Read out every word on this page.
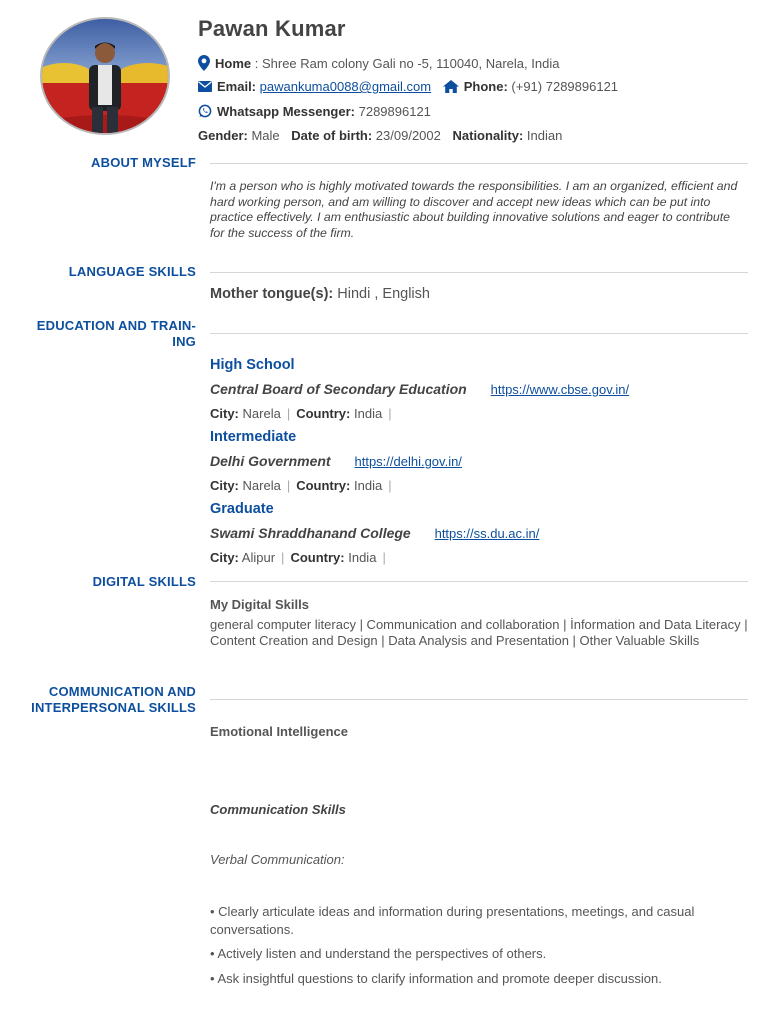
Pawan Kumar
Home : Shree Ram colony Gali no -5, 110040, Narela, India
Email: pawankuma0088@gmail.com	Phone: (+91) 7289896121
Whatsapp Messenger: 7289896121
Gender: Male Date of birth: 23/09/2002 Nationality: Indian
ABOUT MYSELF
I'm a person who is highly motivated towards the responsibilities. I am an organized, efficient and hard working person, and am willing to discover and accept new ideas which can be put into practice effectively. I am enthusiastic about building innovative solutions and eager to contribute for the success of the firm.
LANGUAGE SKILLS
Mother tongue(s): Hindi , English
EDUCATION AND TRAIN-
ING
High School
Central Board of Secondary Education https://www.cbse.gov.in/
City: Narela | Country: India |
Intermediate
Delhi Government https://delhi.gov.in/
City: Narela | Country: India |
Graduate
Swami Shraddhanand College https://ss.du.ac.in/
City: Alipur | Country: India |
DIGITAL SKILLS
My Digital Skills
general computer literacy | Communication and collaboration | İnformation and Data Literacy | Content Creation and Design | Data Analysis and Presentation | Other Valuable Skills
COMMUNICATION AND
INTERPERSONAL SKILLS
Emotional Intelligence
Communication Skills
Verbal Communication:
• Clearly articulate ideas and information during presentations, meetings, and casual conversations.
• Actively listen and understand the perspectives of others.
• Ask insightful questions to clarify information and promote deeper discussion.
